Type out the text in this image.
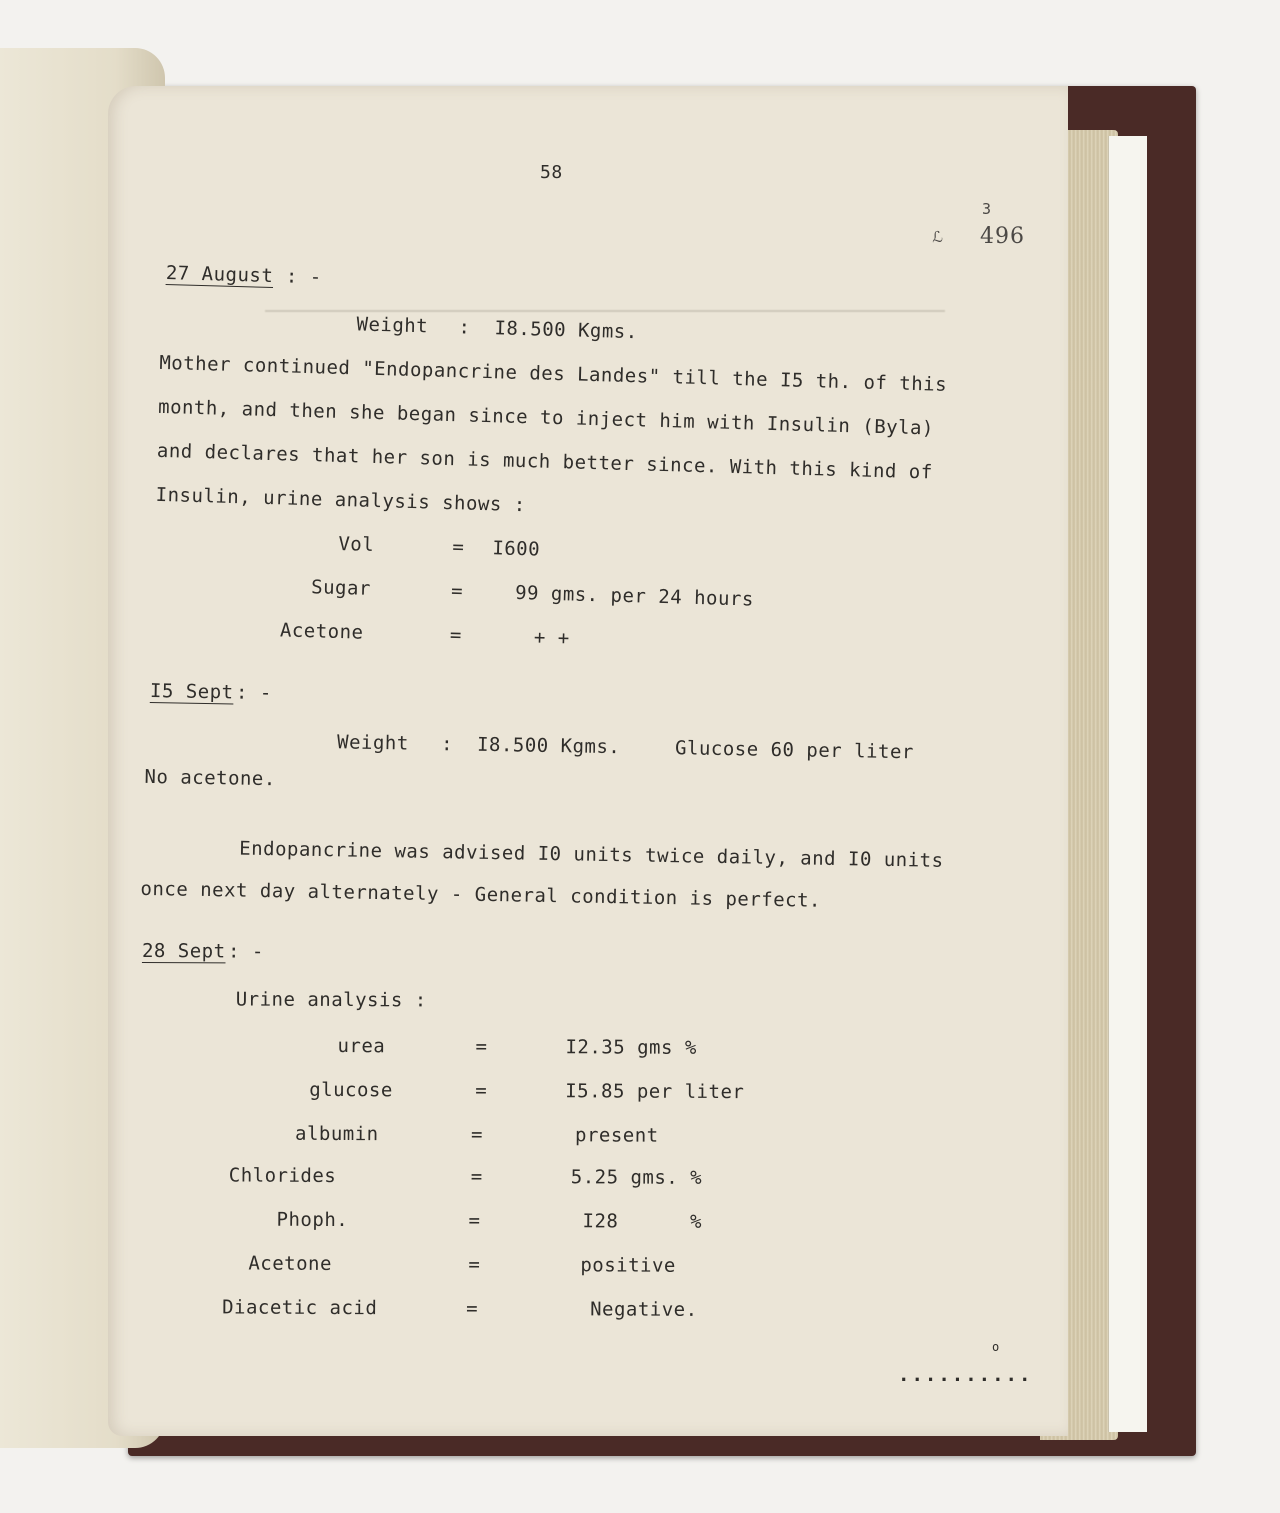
58
3
ℒ 496
27 August : -
Weight : I8.500 Kgms.
Mother continued "Endopancrine des Landes" till the I5 th. of this
month, and then she began since to inject him with Insulin (Byla)
and declares that her son is much better since. With this kind of
Insulin, urine analysis shows :
Vol	= I600
Sugar	=	99 gms. per 24 hours
Acetone	=	+ +
I5 Sept : -
Weight : I8.500 Kgms.	Glucose 60 per liter
No acetone.
Endopancrine was advised I0 units twice daily, and I0 units
once next day alternately - General condition is perfect.
28 Sept : -
Urine analysis :
urea	=	I2.35 gms %
glucose	=	I5.85 per liter
albumin	=	present
Chlorides	=	5.25 gms. %
Phoph.	=	I28      %
Acetone	=	positive
Diacetic acid	=	Negative.
o
..........
